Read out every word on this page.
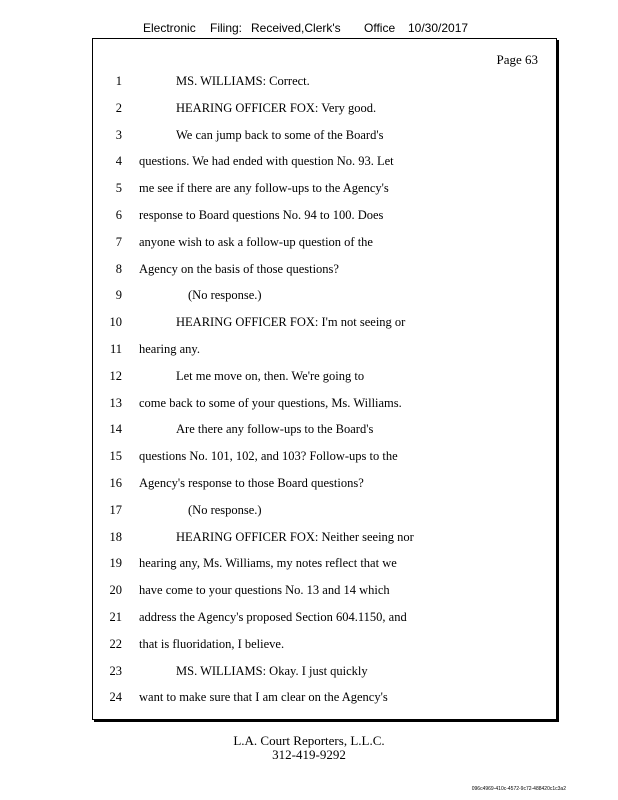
Electronic Filing: Received,Clerk's Office 10/30/2017
Page 63
1	MS. WILLIAMS: Correct.
2	HEARING OFFICER FOX: Very good.
3	We can jump back to some of the Board's
4 questions. We had ended with question No. 93. Let
5 me see if there are any follow-ups to the Agency's
6 response to Board questions No. 94 to 100. Does
7 anyone wish to ask a follow-up question of the
8 Agency on the basis of those questions?
9	(No response.)
10	HEARING OFFICER FOX: I'm not seeing or
11 hearing any.
12	Let me move on, then. We're going to
13 come back to some of your questions, Ms. Williams.
14	Are there any follow-ups to the Board's
15 questions No. 101, 102, and 103? Follow-ups to the
16 Agency's response to those Board questions?
17	(No response.)
18	HEARING OFFICER FOX: Neither seeing nor
19 hearing any, Ms. Williams, my notes reflect that we
20 have come to your questions No. 13 and 14 which
21 address the Agency's proposed Section 604.1150, and
22 that is fluoridation, I believe.
23	MS. WILLIAMS: Okay. I just quickly
24 want to make sure that I am clear on the Agency's
L.A. Court Reporters, L.L.C.
312-419-9292
096c4969-410c-4572-9c72-488420c1c3a2
